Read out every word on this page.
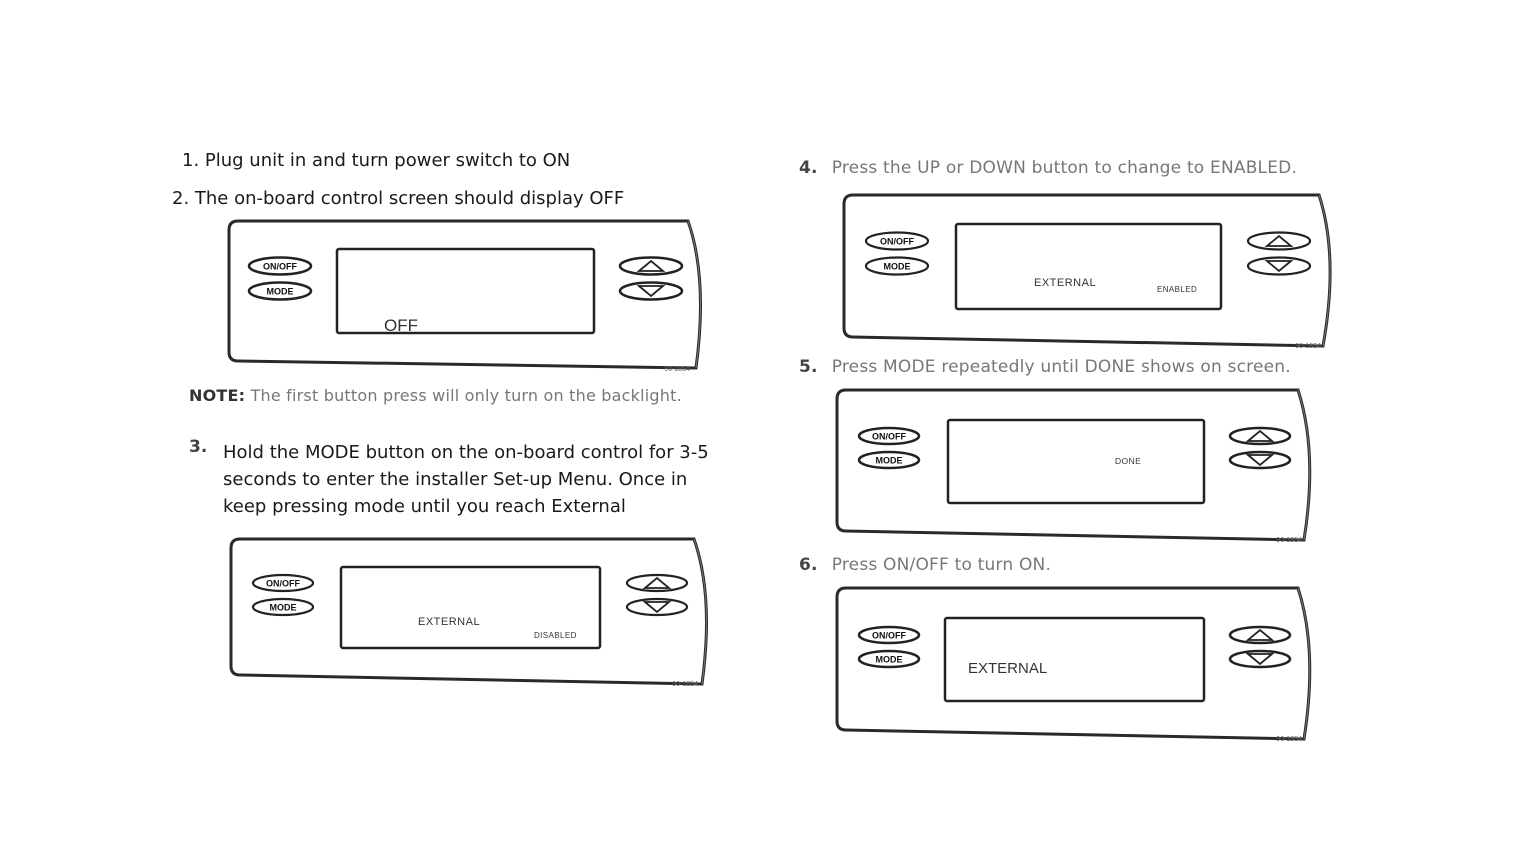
1. Plug unit in and turn power switch to ON
2. The on-board control screen should display OFF
NOTE: The first button press will only turn on the backlight.
3. Hold the MODE button on the on-board control for 3-5 seconds to enter the installer Set-up Menu. Once in keep pressing mode until you reach External
4. Press the UP or DOWN button to change to ENABLED.
5. Press MODE repeatedly until DONE shows on screen.
6. Press ON/OFF to turn ON.
ON/OFF
MODE
OFF
90-1854
ON/OFF
MODE
EXTERNAL
DISABLED
90-1854
ON/OFF
MODE
EXTERNAL
ENABLED
90-1854
ON/OFF
MODE	DONE
90-1854
ON/OFF
MODE
EXTERNAL
90-1854
